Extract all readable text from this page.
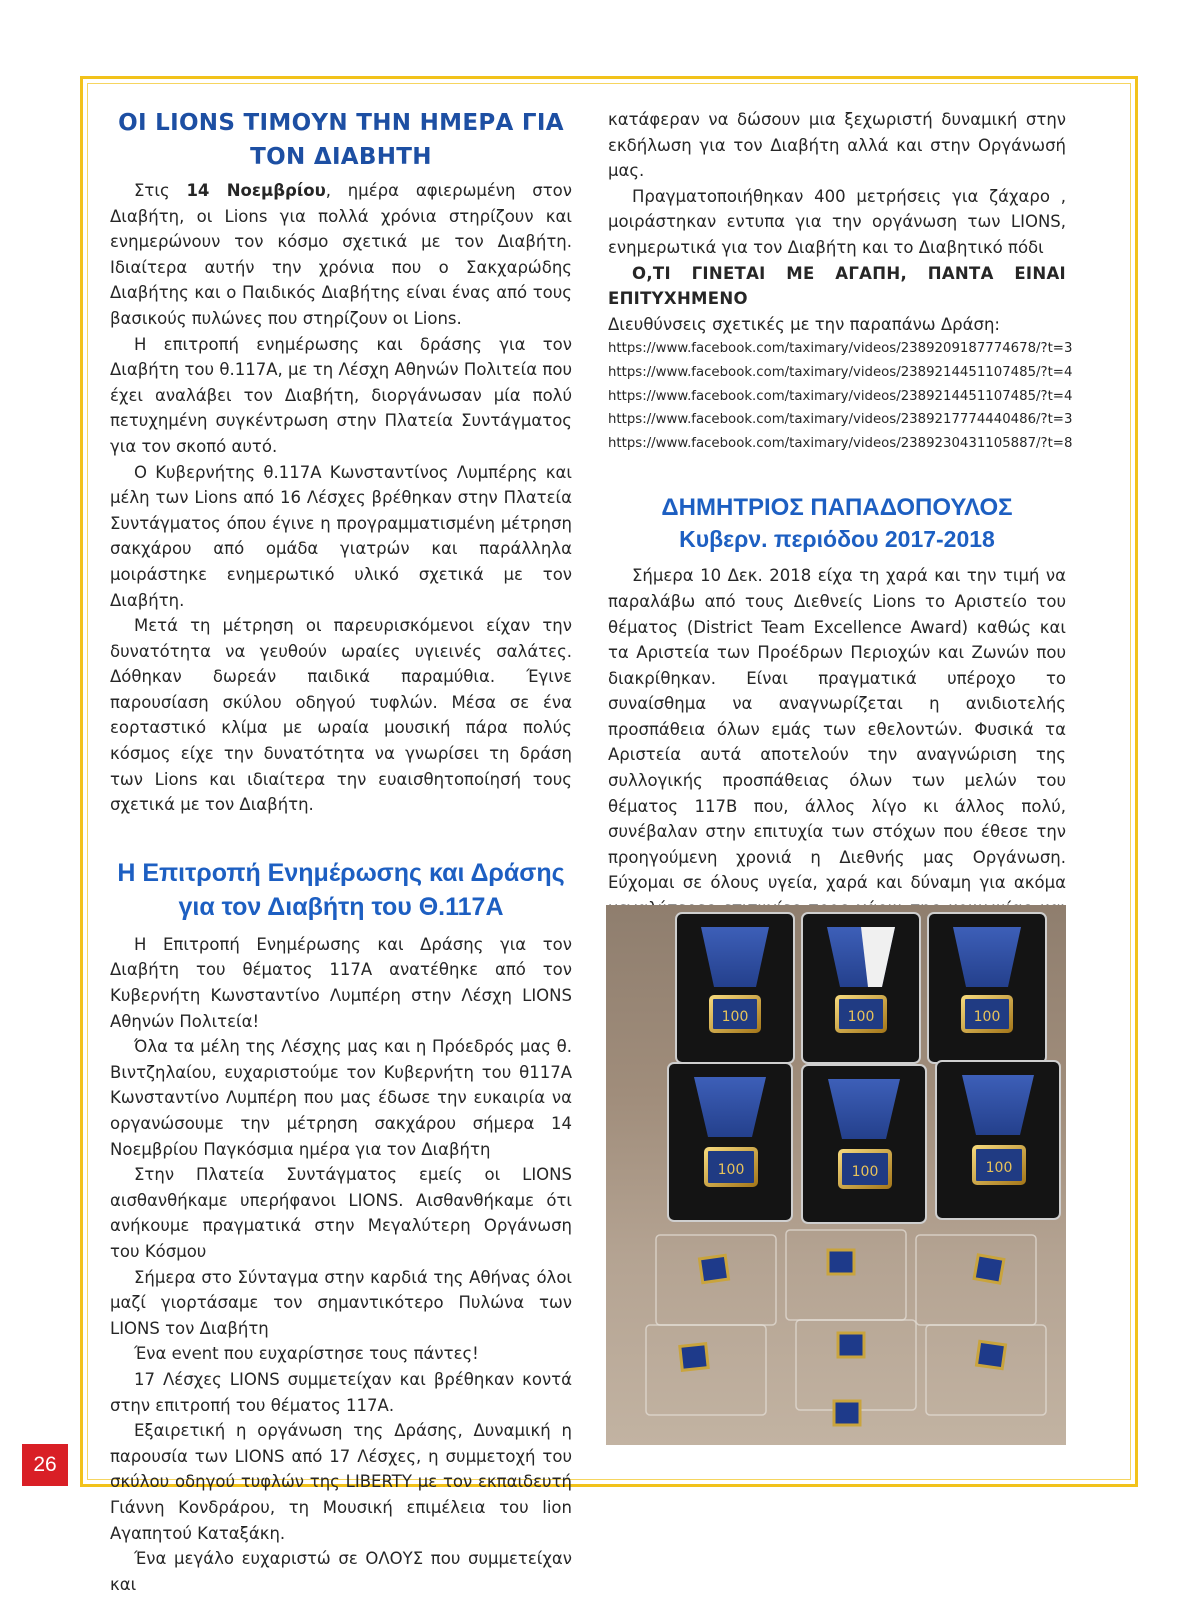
26
ΟΙ LIONS ΤΙΜΟΥΝ ΤΗΝ ΗΜΕΡΑ ΓΙΑ ΤΟΝ ΔΙΑΒΗΤΗ

Στις 14 Νοεμβρίου, ημέρα αφιερωμένη στον Διαβήτη, οι Lions για πολλά χρόνια στηρίζουν και ενημερώνουν τον κόσμο σχετικά με τον Διαβήτη. Ιδιαίτερα αυτήν την χρόνια που ο Σακχαρώδης Διαβήτης και ο Παιδικός Διαβήτης είναι ένας από τους βασικούς πυλώνες που στηρίζουν οι Lions.

Η επιτροπή ενημέρωσης και δράσης για τον Διαβήτη του θ.117Α, με τη Λέσχη Αθηνών Πολιτεία που έχει αναλάβει τον Διαβήτη, διοργάνωσαν μία πολύ πετυχημένη συγκέντρωση στην Πλατεία Συντάγματος για τον σκοπό αυτό.

Ο Κυβερνήτης θ.117Α Κωνσταντίνος Λυμπέρης και μέλη των Lions από 16 Λέσχες βρέθηκαν στην Πλατεία Συντάγματος όπου έγινε η προγραμματισμένη μέτρηση σακχάρου από ομάδα γιατρών και παράλληλα μοιράστηκε ενημερωτικό υλικό σχετικά με τον Διαβήτη.

Μετά τη μέτρηση οι παρευρισκόμενοι είχαν την δυνατότητα να γευθούν ωραίες υγιεινές σαλάτες. Δόθηκαν δωρεάν παιδικά παραμύθια. Έγινε παρουσίαση σκύλου οδηγού τυφλών. Μέσα σε ένα εορταστικό κλίμα με ωραία μουσική πάρα πολύς κόσμος είχε την δυνατότητα να γνωρίσει τη δράση των Lions και ιδιαίτερα την ευαισθητοποίησή τους σχετικά με τον Διαβήτη.

Η Επιτροπή Ενημέρωσης και Δράσης για τον Διαβήτη του Θ.117Α

Η Επιτροπή Ενημέρωσης και Δράσης για τον Διαβήτη του θέματος 117Α ανατέθηκε από τον Κυβερνήτη Κωνσταντίνο Λυμπέρη στην Λέσχη LIONS Αθηνών Πολιτεία!

Όλα τα μέλη της Λέσχης μας και η Πρόεδρός μας θ. Βιντζηλαίου, ευχαριστούμε τον Κυβερνήτη του θ117Α Κωνσταντίνο Λυμπέρη που μας έδωσε την ευκαιρία να οργανώσουμε την μέτρηση σακχάρου σήμερα 14 Νοεμβρίου Παγκόσμια ημέρα για τον Διαβήτη

Στην Πλατεία Συντάγματος εμείς οι LIONS αισθανθήκαμε υπερήφανοι LIONS. Αισθανθήκαμε ότι ανήκουμε πραγματικά στην Μεγαλύτερη Οργάνωση του Κόσμου

Σήμερα στο Σύνταγμα στην καρδιά της Αθήνας όλοι μαζί γιορτάσαμε τον σημαντικότερο Πυλώνα των LIONS τον Διαβήτη

Ένα event που ευχαρίστησε τους πάντες!

17 Λέσχες LIONS συμμετείχαν και βρέθηκαν κοντά στην επιτροπή του θέματος 117Α.

Εξαιρετική η οργάνωση της Δράσης, Δυναμική η παρουσία των LIONS από 17 Λέσχες, η συμμετοχή του σκύλου οδηγού τυφλών της LIBERTY με τον εκπαιδευτή Γιάννη Κονδράρου, τη Μουσική επιμέλεια του lion Αγαπητού Καταξάκη.

Ένα μεγάλο ευχαριστώ σε ΟΛΟΥΣ που συμμετείχαν και

κατάφεραν να δώσουν μια ξεχωριστή δυναμική στην εκδήλωση για τον Διαβήτη αλλά και στην Οργάνωσή μας.

Πραγματοποιήθηκαν 400 μετρήσεις για ζάχαρο , μοιράστηκαν εντυπα για την οργάνωση των LIONS, ενημερωτικά για τον Διαβήτη και το Διαβητικό πόδι

Ο,ΤΙ ΓΙΝΕΤΑΙ ΜΕ ΑΓΑΠΗ, ΠΑΝΤΑ ΕΙΝΑΙ ΕΠΙΤΥΧΗΜΕΝΟ

Διευθύνσεις σχετικές με την παραπάνω Δράση:

https://www.facebook.com/taximary/videos/2389209187774678/?t=3
https://www.facebook.com/taximary/videos/2389214451107485/?t=4
https://www.facebook.com/taximary/videos/2389214451107485/?t=4
https://www.facebook.com/taximary/videos/2389217774440486/?t=3
https://www.facebook.com/taximary/videos/2389230431105887/?t=8
ΔΗΜΗΤΡΙΟΣ ΠΑΠΑΔΟΠΟΥΛΟΣ
Κυβερν. περιόδου 2017-2018

Σήμερα 10 Δεκ. 2018 είχα τη χαρά και την τιμή να παραλάβω από τους Διεθνείς Lions το Αριστείο του θέματος (District Team Excellence Award) καθώς και τα Αριστεία των Προέδρων Περιοχών και Ζωνών που διακρίθηκαν. Είναι πραγματικά υπέροχο το συναίσθημα να αναγνωρίζεται η ανιδιοτελής προσπάθεια όλων εμάς των εθελοντών. Φυσικά τα Αριστεία αυτά αποτελούν την αναγνώριση της συλλογικής προσπάθειας όλων των μελών του θέματος 117Β που, άλλος λίγο κι άλλος πολύ, συνέβαλαν στην επιτυχία των στόχων που έθεσε την προηγούμενη χρονιά η Διεθνής μας Οργάνωση. Εύχομαι σε όλους υγεία, χαρά και δύναμη για ακόμα

100	100	100
100	100	100
